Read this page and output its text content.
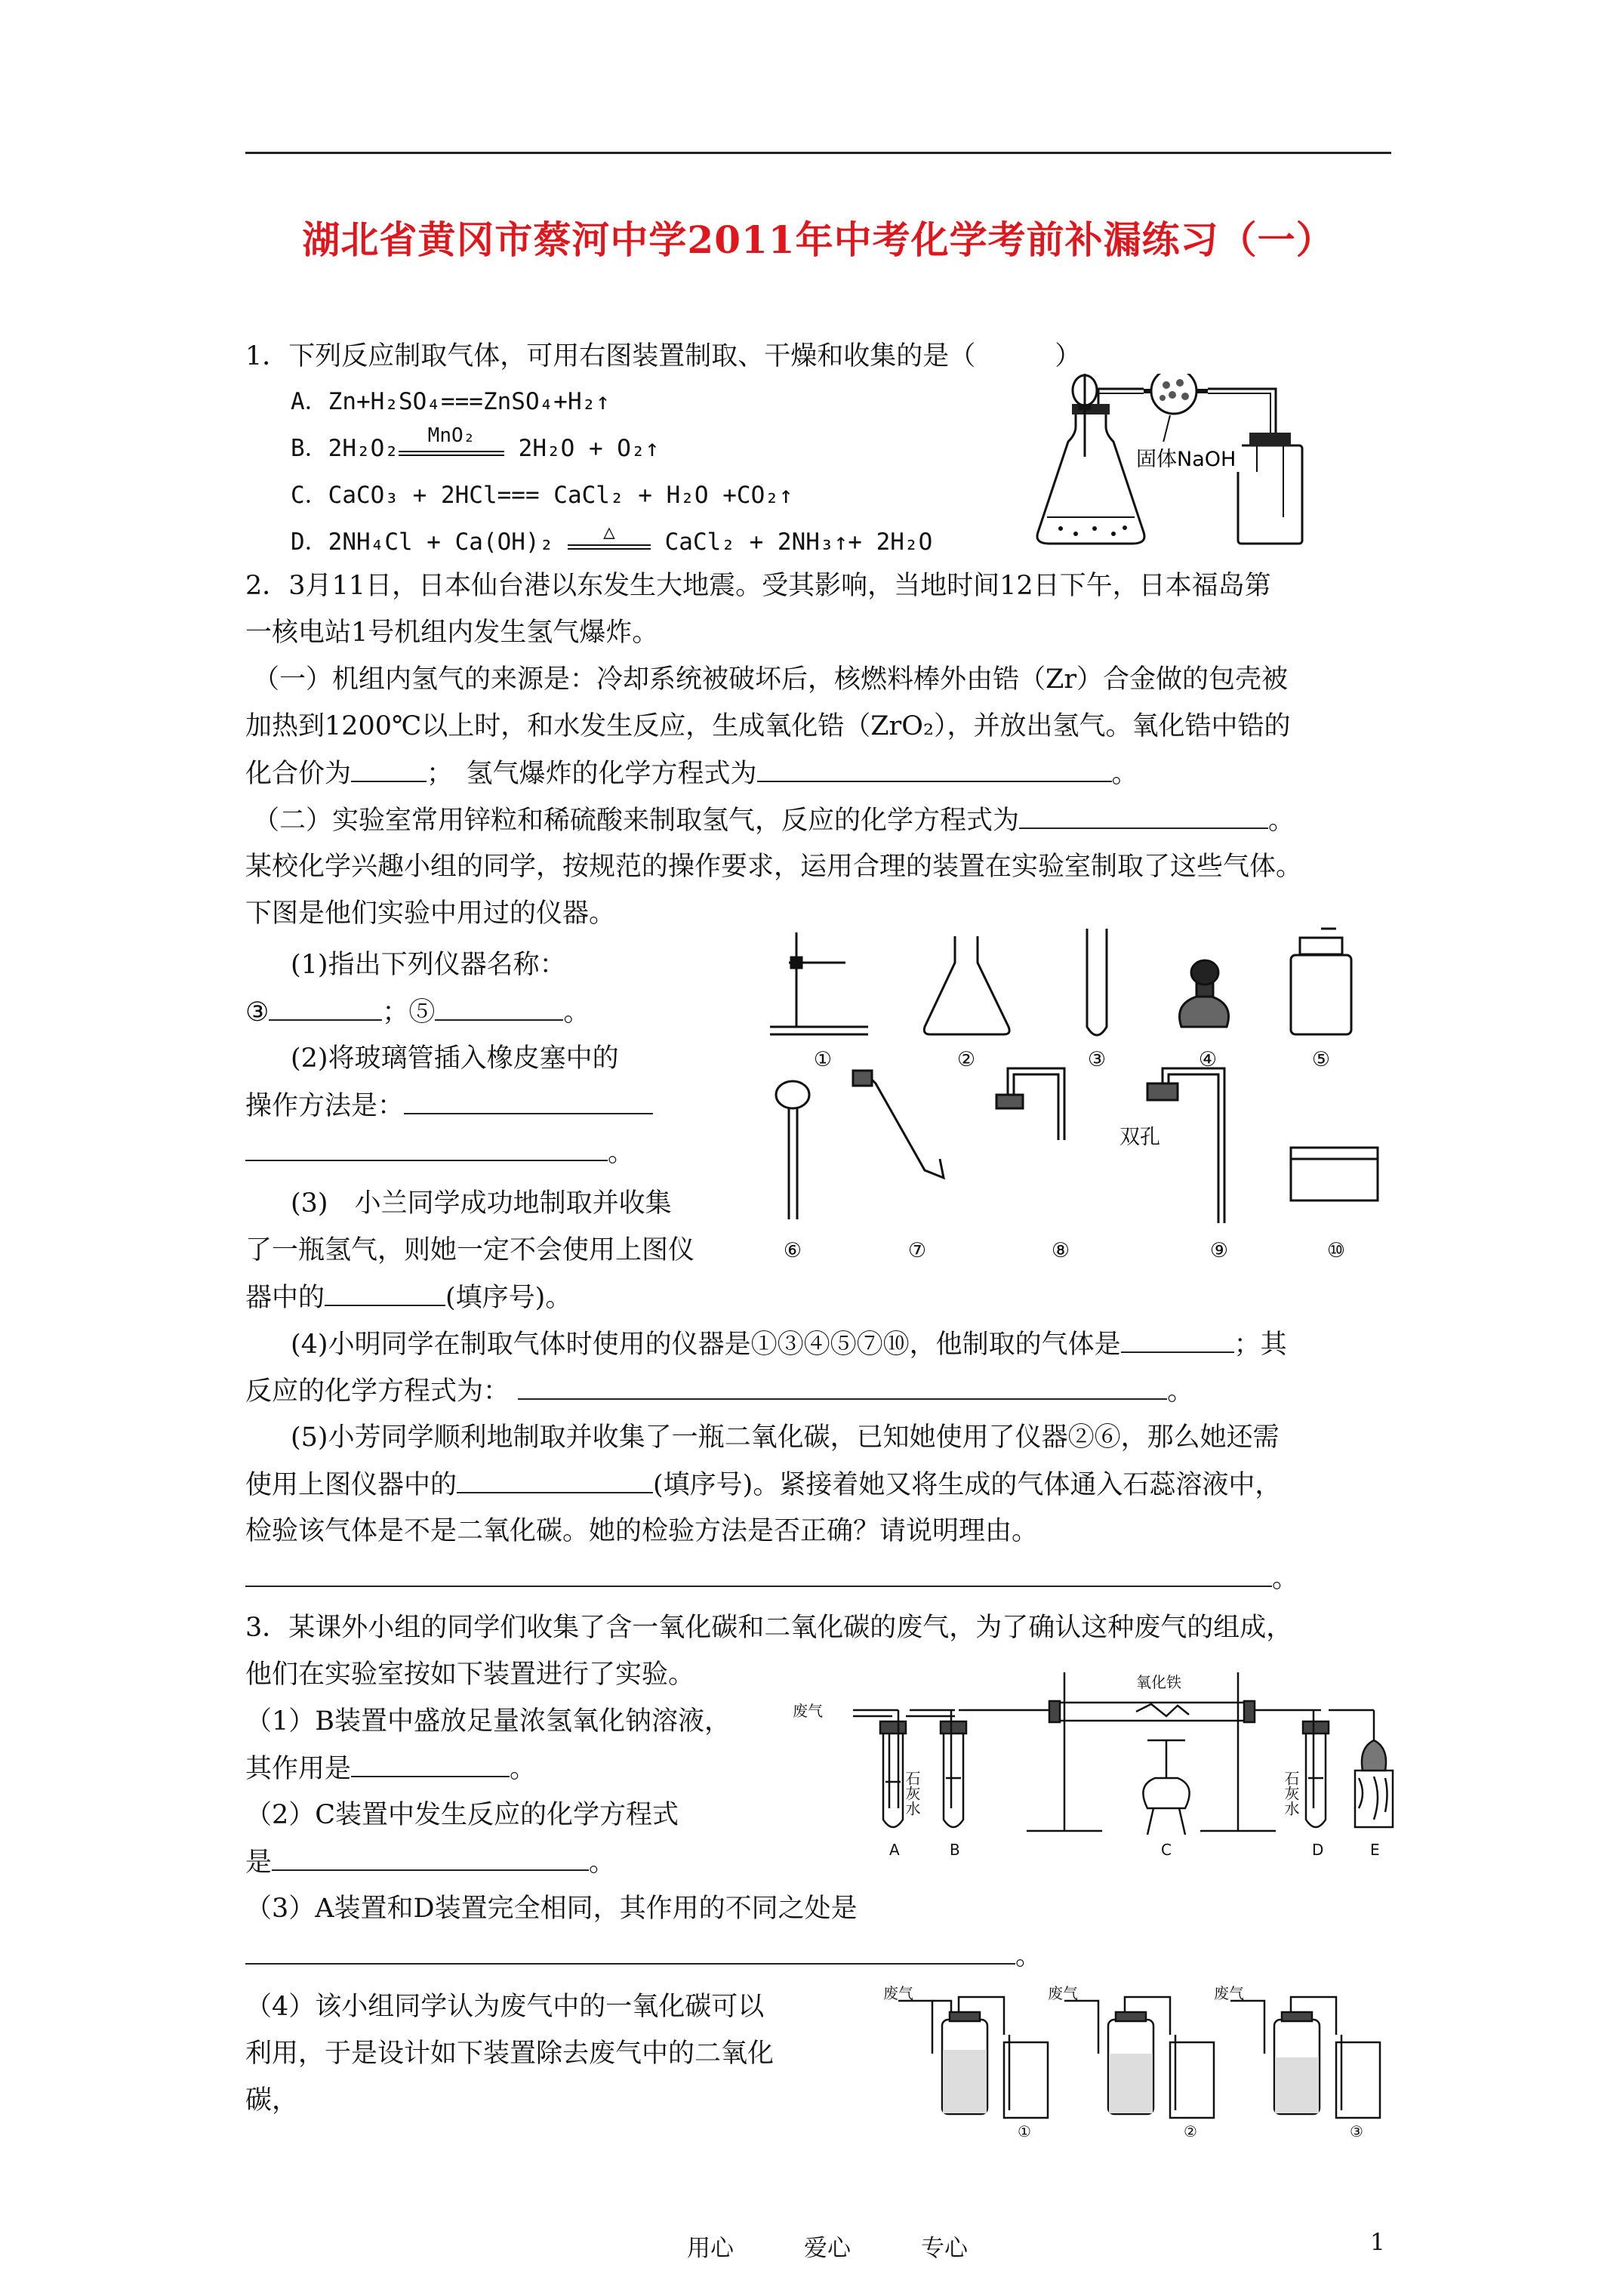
湖北省黄冈市蔡河中学2011年中考化学考前补漏练习（一）
1．下列反应制取气体，可用右图装置制取、干燥和收集的是（　　　）
A．Zn+H₂SO₄===ZnSO₄+H₂↑
B．2H₂O₂	MnO₂	2H₂O + O₂↑
C．CaCO₃ + 2HCl=== CaCl₂ + H₂O +CO₂↑
D．2NH₄Cl + Ca(OH)₂	△	CaCl₂ + 2NH₃↑+ 2H₂O
固体NaOH
2．3月11日，日本仙台港以东发生大地震。受其影响，当地时间12日下午，日本福岛第
一核电站1号机组内发生氢气爆炸。
（一）机组内氢气的来源是：冷却系统被破坏后，核燃料棒外由锆（Zr）合金做的包壳被
加热到1200℃以上时，和水发生反应，生成氧化锆（ZrO₂），并放出氢气。氧化锆中锆的
化合价为	；　氢气爆炸的化学方程式为	。
（二）实验室常用锌粒和稀硫酸来制取氢气，反应的化学方程式为	。
某校化学兴趣小组的同学，按规范的操作要求，运用合理的装置在实验室制取了这些气体。
下图是他们实验中用过的仪器。
(1)指出下列仪器名称：
③	；⑤	。
(2)将玻璃管插入橡皮塞中的
操作方法是：
。
(3)　小兰同学成功地制取并收集
了一瓶氢气，则她一定不会使用上图仪
器中的	(填序号)。
(4)小明同学在制取气体时使用的仪器是①③④⑤⑦⑩，他制取的气体是	；其
反应的化学方程式为：	。
(5)小芳同学顺利地制取并收集了一瓶二氧化碳，已知她使用了仪器②⑥，那么她还需
使用上图仪器中的	(填序号)。紧接着她又将生成的气体通入石蕊溶液中，
检验该气体是不是二氧化碳。她的检验方法是否正确？请说明理由。
。
①	②	③	④	⑤
⑥	⑦	⑧	⑨	⑩
双孔
3．某课外小组的同学们收集了含一氧化碳和二氧化碳的废气，为了确认这种废气的组成，
他们在实验室按如下装置进行了实验。
（1）B装置中盛放足量浓氢氧化钠溶液，
其作用是	。
（2）C装置中发生反应的化学方程式
是	。
（3）A装置和D装置完全相同，其作用的不同之处是
。
（4）该小组同学认为废气中的一氧化碳可以
利用，于是设计如下装置除去废气中的二氧化
碳，
废气
氧化铁
石灰水	石灰水
A	B	C	D	E
废气	废气	废气
①	②	③
用心　　　爱心　　　专心	1
